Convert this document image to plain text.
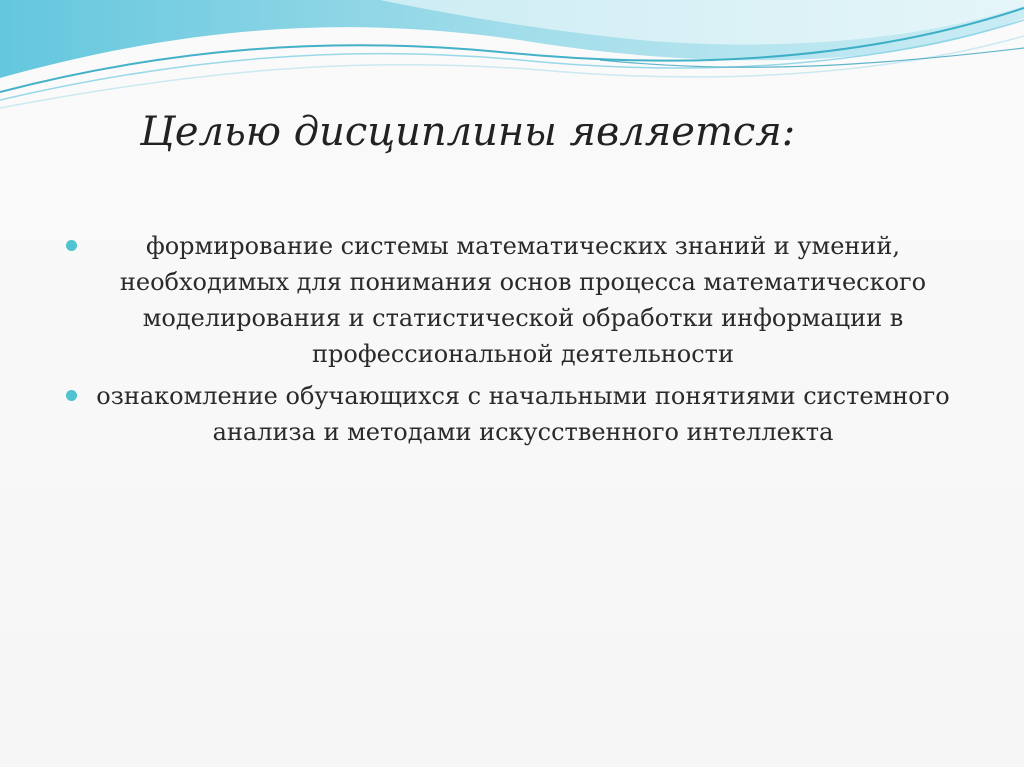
Целью дисциплины является:
формирование системы математических знаний и умений, необходимых для понимания основ процесса математического моделирования и статистической обработки информации в профессиональной деятельности
ознакомление обучающихся с начальными понятиями системного анализа и методами искусственного интеллекта
